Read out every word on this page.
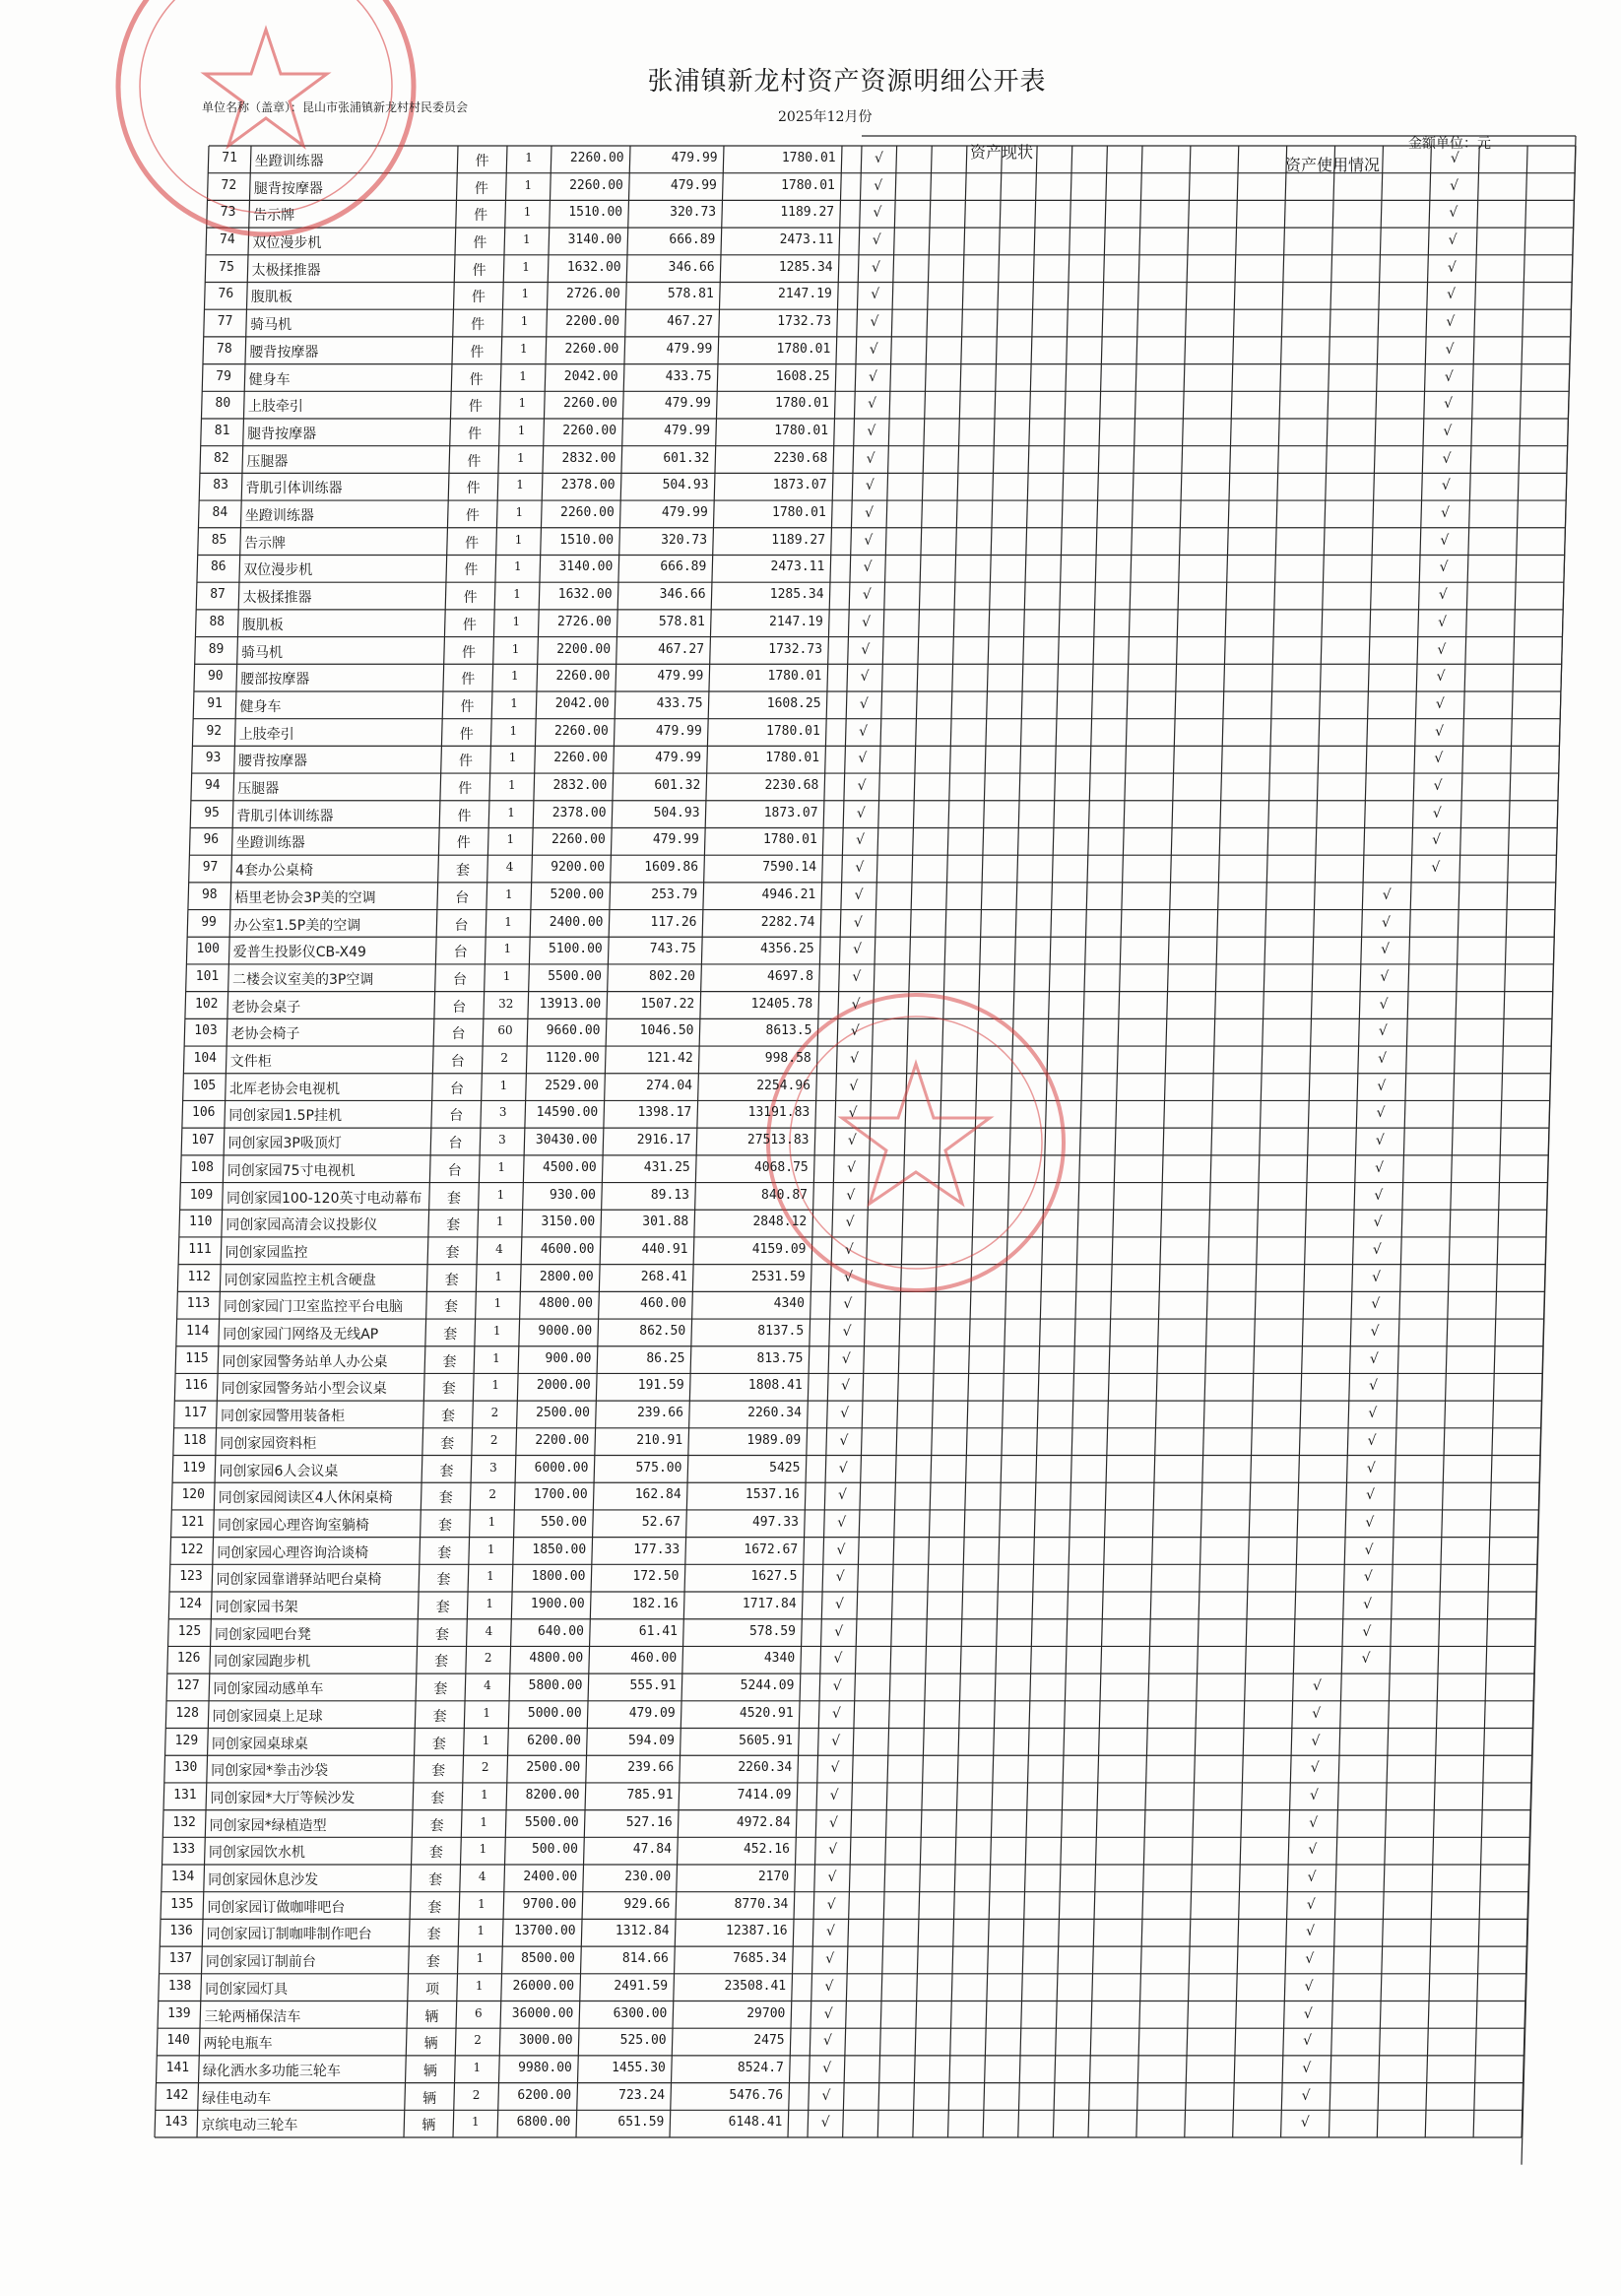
张浦镇新龙村资产资源明细公开表
单位名称（盖章）：昆山市张浦镇新龙村村民委员会
2025年12月份
金额单位：元
资产现状
资产使用情况
71	坐蹬训练器	件	1	2260.00	479.99	1780.01	√	√
72	腿背按摩器	件	1	2260.00	479.99	1780.01	√	√
73	告示牌	件	1	1510.00	320.73	1189.27	√	√
74	双位漫步机	件	1	3140.00	666.89	2473.11	√	√
75	太极揉推器	件	1	1632.00	346.66	1285.34	√	√
76	腹肌板	件	1	2726.00	578.81	2147.19	√	√
77	骑马机	件	1	2200.00	467.27	1732.73	√	√
78	腰背按摩器	件	1	2260.00	479.99	1780.01	√	√
79	健身车	件	1	2042.00	433.75	1608.25	√	√
80	上肢牵引	件	1	2260.00	479.99	1780.01	√	√
81	腿背按摩器	件	1	2260.00	479.99	1780.01	√	√
82	压腿器	件	1	2832.00	601.32	2230.68	√	√
83	背肌引体训练器	件	1	2378.00	504.93	1873.07	√	√
84	坐蹬训练器	件	1	2260.00	479.99	1780.01	√	√
85	告示牌	件	1	1510.00	320.73	1189.27	√	√
86	双位漫步机	件	1	3140.00	666.89	2473.11	√	√
87	太极揉推器	件	1	1632.00	346.66	1285.34	√	√
88	腹肌板	件	1	2726.00	578.81	2147.19	√	√
89	骑马机	件	1	2200.00	467.27	1732.73	√	√
90	腰部按摩器	件	1	2260.00	479.99	1780.01	√	√
91	健身车	件	1	2042.00	433.75	1608.25	√	√
92	上肢牵引	件	1	2260.00	479.99	1780.01	√	√
93	腰背按摩器	件	1	2260.00	479.99	1780.01	√	√
94	压腿器	件	1	2832.00	601.32	2230.68	√	√
95	背肌引体训练器	件	1	2378.00	504.93	1873.07	√	√
96	坐蹬训练器	件	1	2260.00	479.99	1780.01	√	√
97	4套办公桌椅	套	4	9200.00	1609.86	7590.14	√	√
98	梧里老协会3P美的空调	台	1	5200.00	253.79	4946.21	√	√
99	办公室1.5P美的空调	台	1	2400.00	117.26	2282.74	√	√
100 爱普生投影仪CB-X49	台	1	5100.00	743.75	4356.25	√	√
101 二楼会议室美的3P空调	台	1	5500.00	802.20	4697.8	√	√
102 老协会桌子	台	32	13913.00	1507.22	12405.78	√	√
103 老协会椅子	台	60	9660.00	1046.50	8613.5	√	√
104 文件柜	台	2	1120.00	121.42	998.58	√	√
105 北厍老协会电视机	台	1	2529.00	274.04	2254.96	√	√
106 同创家园1.5P挂机	台	3	14590.00	1398.17	13191.83	√	√
107 同创家园3P吸顶灯	台	3	30430.00	2916.17	27513.83	√	√
108 同创家园75寸电视机	台	1	4500.00	431.25	4068.75	√	√
109 同创家园100-120英寸电动幕布	套	1	930.00	89.13	840.87	√	√
110 同创家园高清会议投影仪	套	1	3150.00	301.88	2848.12	√	√
111 同创家园监控	套	4	4600.00	440.91	4159.09	√	√
112 同创家园监控主机含硬盘	套	1	2800.00	268.41	2531.59	√	√
113 同创家园门卫室监控平台电脑	套	1	4800.00	460.00	4340	√	√
114 同创家园门网络及无线AP	套	1	9000.00	862.50	8137.5	√	√
115 同创家园警务站单人办公桌	套	1	900.00	86.25	813.75	√	√
116 同创家园警务站小型会议桌	套	1	2000.00	191.59	1808.41	√	√
117 同创家园警用装备柜	套	2	2500.00	239.66	2260.34	√	√
118 同创家园资料柜	套	2	2200.00	210.91	1989.09	√	√
119 同创家园6人会议桌	套	3	6000.00	575.00	5425	√	√
120 同创家园阅读区4人休闲桌椅	套	2	1700.00	162.84	1537.16	√	√
121 同创家园心理咨询室躺椅	套	1	550.00	52.67	497.33	√	√
122 同创家园心理咨询洽谈椅	套	1	1850.00	177.33	1672.67	√	√
123 同创家园靠谱驿站吧台桌椅	套	1	1800.00	172.50	1627.5	√	√
124 同创家园书架	套	1	1900.00	182.16	1717.84	√	√
125 同创家园吧台凳	套	4	640.00	61.41	578.59	√	√
126 同创家园跑步机	套	2	4800.00	460.00	4340	√	√
127 同创家园动感单车	套	4	5800.00	555.91	5244.09	√	√
128 同创家园桌上足球	套	1	5000.00	479.09	4520.91	√	√
129 同创家园桌球桌	套	1	6200.00	594.09	5605.91	√	√
130 同创家园*拳击沙袋	套	2	2500.00	239.66	2260.34	√	√
131 同创家园*大厅等候沙发	套	1	8200.00	785.91	7414.09	√	√
132 同创家园*绿植造型	套	1	5500.00	527.16	4972.84	√	√
133 同创家园饮水机	套	1	500.00	47.84	452.16	√	√
134 同创家园休息沙发	套	4	2400.00	230.00	2170	√	√
135 同创家园订做咖啡吧台	套	1	9700.00	929.66	8770.34	√	√
136 同创家园订制咖啡制作吧台	套	1	13700.00	1312.84	12387.16	√	√
137 同创家园订制前台	套	1	8500.00	814.66	7685.34	√	√
138 同创家园灯具	项	1	26000.00	2491.59	23508.41	√	√
139 三轮两桶保洁车	辆	6	36000.00	6300.00	29700	√	√
140 两轮电瓶车	辆	2	3000.00	525.00	2475	√	√
141 绿化洒水多功能三轮车	辆	1	9980.00	1455.30	8524.7	√	√
142 绿佳电动车	辆	2	6200.00	723.24	5476.76	√	√
143 京缤电动三轮车	辆	1	6800.00	651.59	6148.41	√	√
